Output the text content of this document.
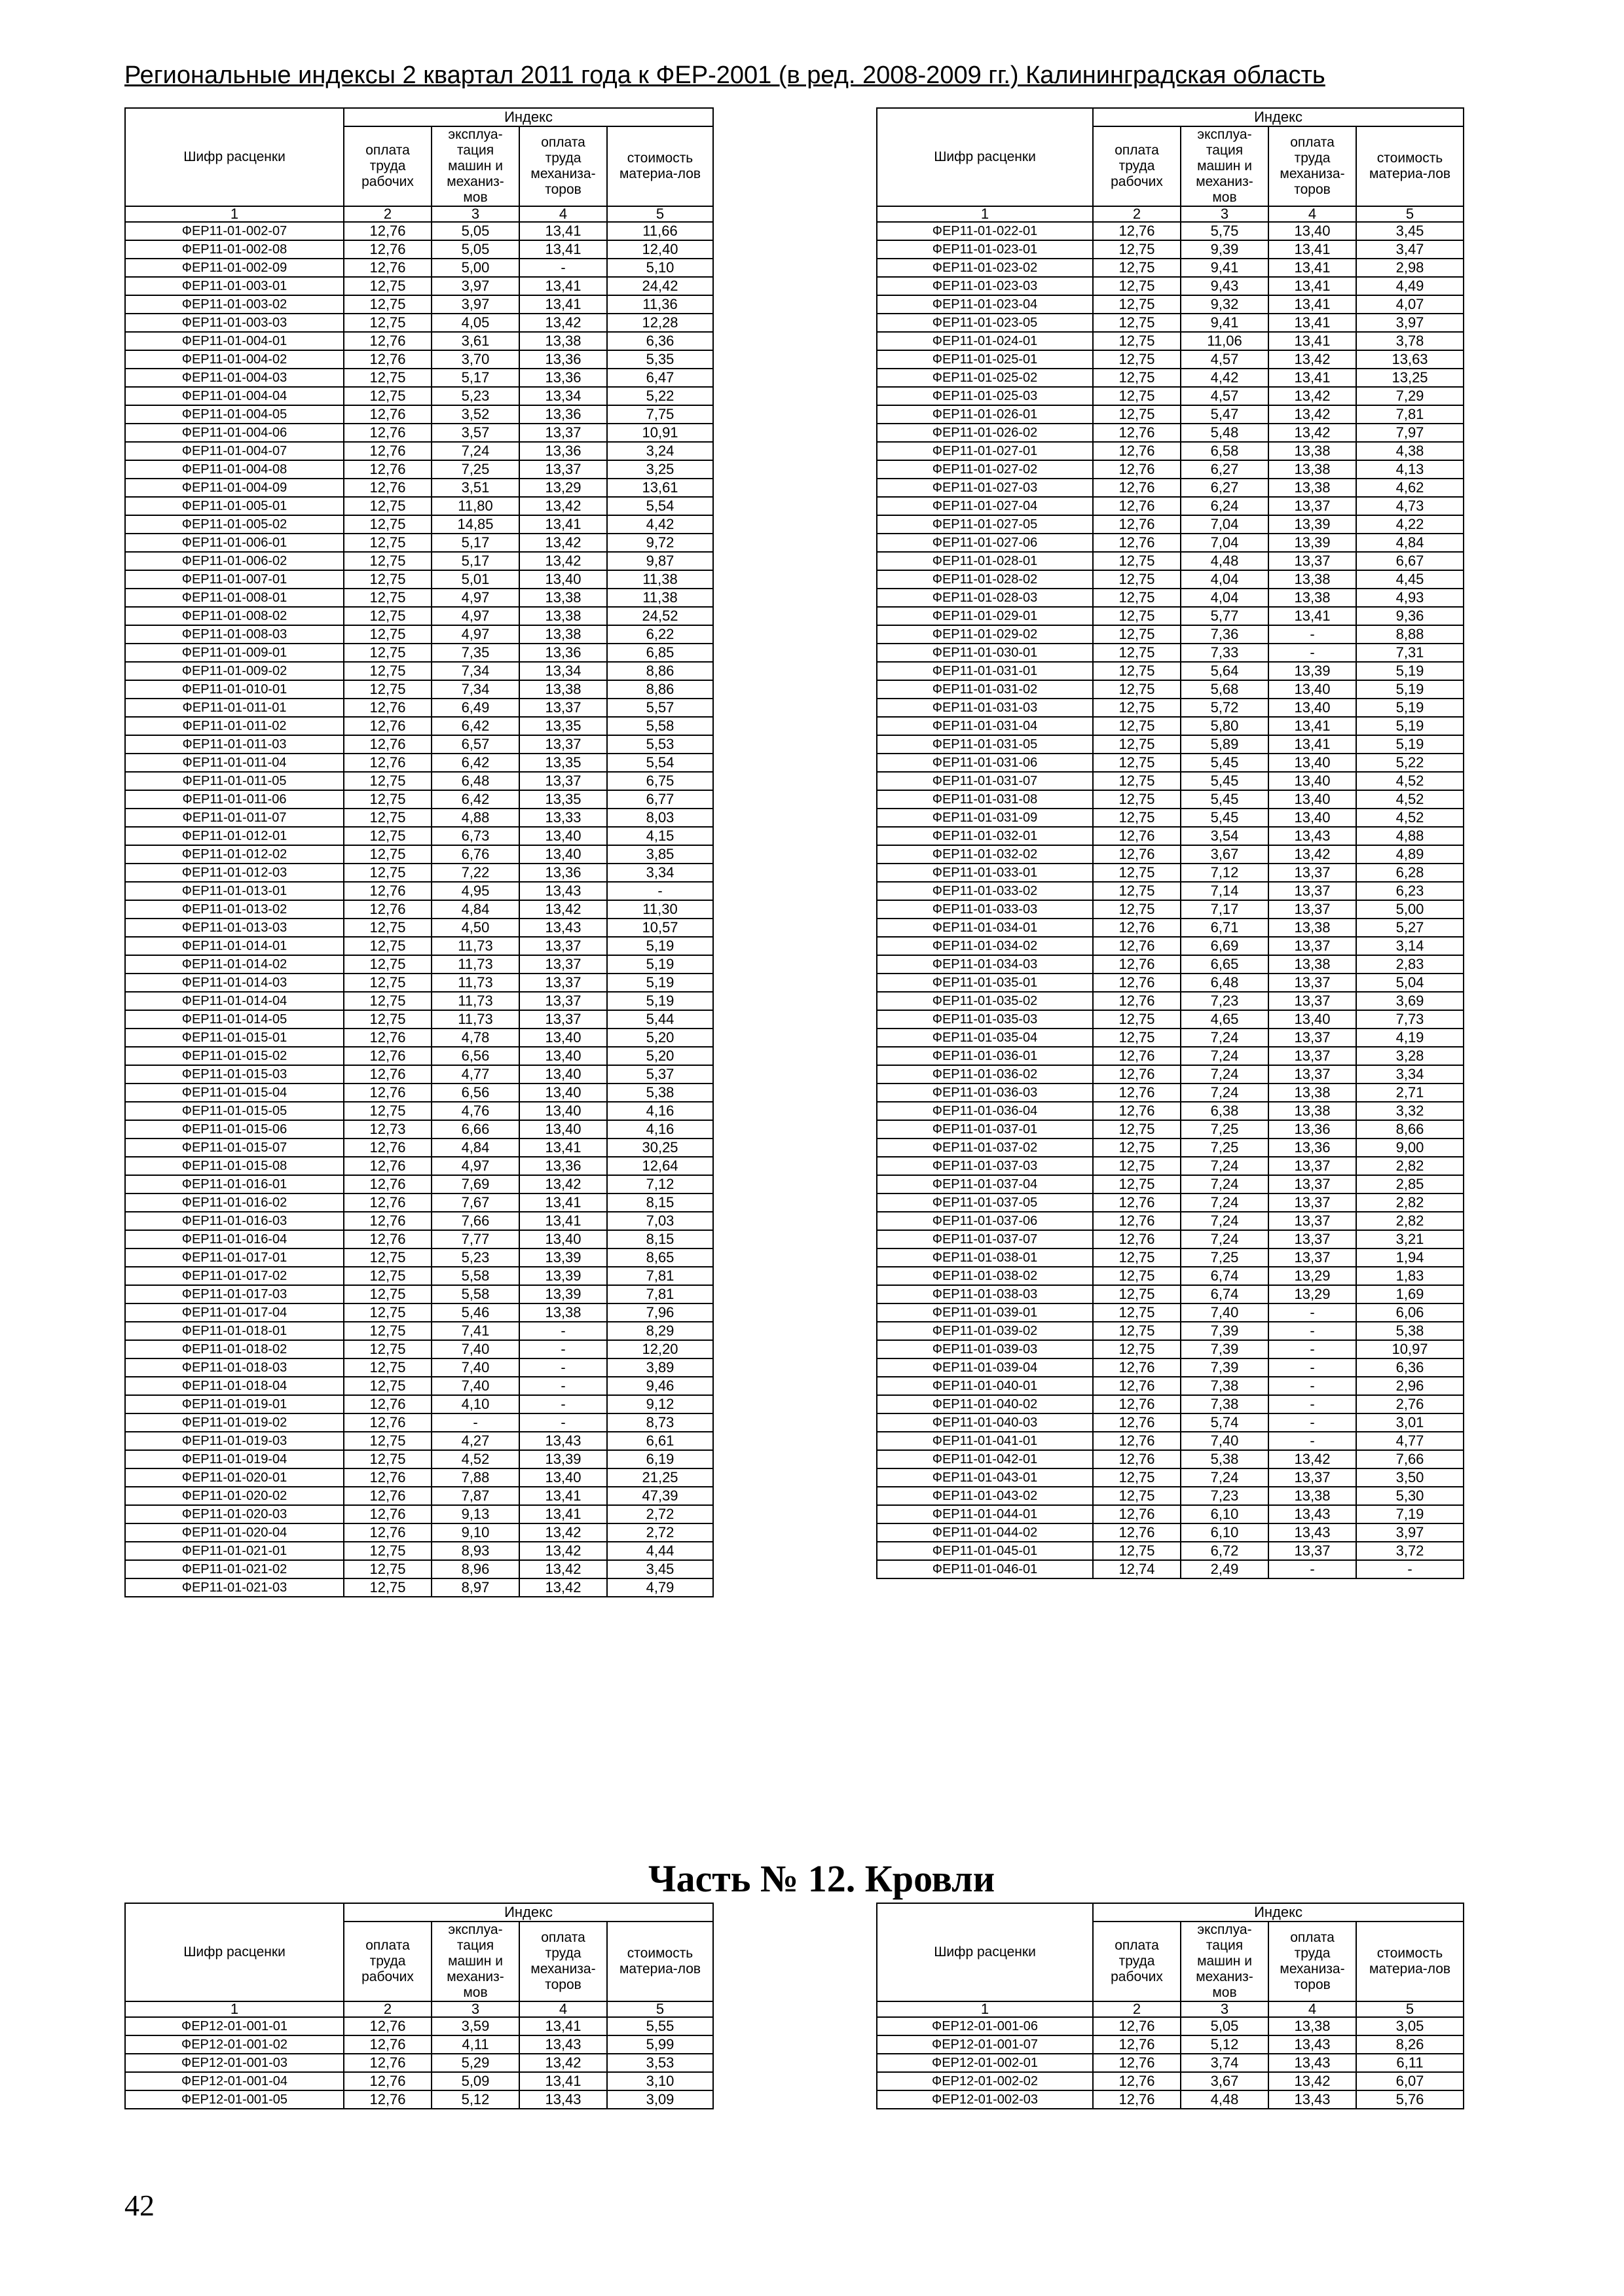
Региональные индексы 2 квартал 2011 года к ФЕР-2001 (в ред. 2008-2009 гг.) Калининградская область
Шифр расценки	Индекс			
	оплата труда рабочих	эксплуа-тация машин и механиз-мов	оплата труда механиза-торов	стоимость материа-лов
1	2	3	4	5
ФЕР11-01-002-07	12,76	5,05	13,41	11,66
ФЕР11-01-002-08	12,76	5,05	13,41	12,40
ФЕР11-01-002-09	12,76	5,00	-	5,10
ФЕР11-01-003-01	12,75	3,97	13,41	24,42
ФЕР11-01-003-02	12,75	3,97	13,41	11,36
ФЕР11-01-003-03	12,75	4,05	13,42	12,28
ФЕР11-01-004-01	12,76	3,61	13,38	6,36
ФЕР11-01-004-02	12,76	3,70	13,36	5,35
ФЕР11-01-004-03	12,75	5,17	13,36	6,47
ФЕР11-01-004-04	12,75	5,23	13,34	5,22
ФЕР11-01-004-05	12,76	3,52	13,36	7,75
ФЕР11-01-004-06	12,76	3,57	13,37	10,91
ФЕР11-01-004-07	12,76	7,24	13,36	3,24
ФЕР11-01-004-08	12,76	7,25	13,37	3,25
ФЕР11-01-004-09	12,76	3,51	13,29	13,61
ФЕР11-01-005-01	12,75	11,80	13,42	5,54
ФЕР11-01-005-02	12,75	14,85	13,41	4,42
ФЕР11-01-006-01	12,75	5,17	13,42	9,72
ФЕР11-01-006-02	12,75	5,17	13,42	9,87
ФЕР11-01-007-01	12,75	5,01	13,40	11,38
ФЕР11-01-008-01	12,75	4,97	13,38	11,38
ФЕР11-01-008-02	12,75	4,97	13,38	24,52
ФЕР11-01-008-03	12,75	4,97	13,38	6,22
ФЕР11-01-009-01	12,75	7,35	13,36	6,85
ФЕР11-01-009-02	12,75	7,34	13,34	8,86
ФЕР11-01-010-01	12,75	7,34	13,38	8,86
ФЕР11-01-011-01	12,76	6,49	13,37	5,57
ФЕР11-01-011-02	12,76	6,42	13,35	5,58
ФЕР11-01-011-03	12,76	6,57	13,37	5,53
ФЕР11-01-011-04	12,76	6,42	13,35	5,54
ФЕР11-01-011-05	12,75	6,48	13,37	6,75
ФЕР11-01-011-06	12,75	6,42	13,35	6,77
ФЕР11-01-011-07	12,75	4,88	13,33	8,03
ФЕР11-01-012-01	12,75	6,73	13,40	4,15
ФЕР11-01-012-02	12,75	6,76	13,40	3,85
ФЕР11-01-012-03	12,75	7,22	13,36	3,34
ФЕР11-01-013-01	12,76	4,95	13,43	-
ФЕР11-01-013-02	12,76	4,84	13,42	11,30
ФЕР11-01-013-03	12,75	4,50	13,43	10,57
ФЕР11-01-014-01	12,75	11,73	13,37	5,19
ФЕР11-01-014-02	12,75	11,73	13,37	5,19
ФЕР11-01-014-03	12,75	11,73	13,37	5,19
ФЕР11-01-014-04	12,75	11,73	13,37	5,19
ФЕР11-01-014-05	12,75	11,73	13,37	5,44
ФЕР11-01-015-01	12,76	4,78	13,40	5,20
ФЕР11-01-015-02	12,76	6,56	13,40	5,20
ФЕР11-01-015-03	12,76	4,77	13,40	5,37
ФЕР11-01-015-04	12,76	6,56	13,40	5,38
ФЕР11-01-015-05	12,75	4,76	13,40	4,16
ФЕР11-01-015-06	12,73	6,66	13,40	4,16
ФЕР11-01-015-07	12,76	4,84	13,41	30,25
ФЕР11-01-015-08	12,76	4,97	13,36	12,64
ФЕР11-01-016-01	12,76	7,69	13,42	7,12
ФЕР11-01-016-02	12,76	7,67	13,41	8,15
ФЕР11-01-016-03	12,76	7,66	13,41	7,03
ФЕР11-01-016-04	12,76	7,77	13,40	8,15
ФЕР11-01-017-01	12,75	5,23	13,39	8,65
ФЕР11-01-017-02	12,75	5,58	13,39	7,81
ФЕР11-01-017-03	12,75	5,58	13,39	7,81
ФЕР11-01-017-04	12,75	5,46	13,38	7,96
ФЕР11-01-018-01	12,75	7,41	-	8,29
ФЕР11-01-018-02	12,75	7,40	-	12,20
ФЕР11-01-018-03	12,75	7,40	-	3,89
ФЕР11-01-018-04	12,75	7,40	-	9,46
ФЕР11-01-019-01	12,76	4,10	-	9,12
ФЕР11-01-019-02	12,76	-	-	8,73
ФЕР11-01-019-03	12,75	4,27	13,43	6,61
ФЕР11-01-019-04	12,75	4,52	13,39	6,19
ФЕР11-01-020-01	12,76	7,88	13,40	21,25
ФЕР11-01-020-02	12,76	7,87	13,41	47,39
ФЕР11-01-020-03	12,76	9,13	13,41	2,72
ФЕР11-01-020-04	12,76	9,10	13,42	2,72
ФЕР11-01-021-01	12,75	8,93	13,42	4,44
ФЕР11-01-021-02	12,75	8,96	13,42	3,45
ФЕР11-01-021-03	12,75	8,97	13,42	4,79
Шифр расценки	Индекс			
	оплата труда рабочих	эксплуа-тация машин и механиз-мов	оплата труда механиза-торов	стоимость материа-лов
1	2	3	4	5
ФЕР11-01-022-01	12,76	5,75	13,40	3,45
ФЕР11-01-023-01	12,75	9,39	13,41	3,47
ФЕР11-01-023-02	12,75	9,41	13,41	2,98
ФЕР11-01-023-03	12,75	9,43	13,41	4,49
ФЕР11-01-023-04	12,75	9,32	13,41	4,07
ФЕР11-01-023-05	12,75	9,41	13,41	3,97
ФЕР11-01-024-01	12,75	11,06	13,41	3,78
ФЕР11-01-025-01	12,75	4,57	13,42	13,63
ФЕР11-01-025-02	12,75	4,42	13,41	13,25
ФЕР11-01-025-03	12,75	4,57	13,42	7,29
ФЕР11-01-026-01	12,75	5,47	13,42	7,81
ФЕР11-01-026-02	12,76	5,48	13,42	7,97
ФЕР11-01-027-01	12,76	6,58	13,38	4,38
ФЕР11-01-027-02	12,76	6,27	13,38	4,13
ФЕР11-01-027-03	12,76	6,27	13,38	4,62
ФЕР11-01-027-04	12,76	6,24	13,37	4,73
ФЕР11-01-027-05	12,76	7,04	13,39	4,22
ФЕР11-01-027-06	12,76	7,04	13,39	4,84
ФЕР11-01-028-01	12,75	4,48	13,37	6,67
ФЕР11-01-028-02	12,75	4,04	13,38	4,45
ФЕР11-01-028-03	12,75	4,04	13,38	4,93
ФЕР11-01-029-01	12,75	5,77	13,41	9,36
ФЕР11-01-029-02	12,75	7,36	-	8,88
ФЕР11-01-030-01	12,75	7,33	-	7,31
ФЕР11-01-031-01	12,75	5,64	13,39	5,19
ФЕР11-01-031-02	12,75	5,68	13,40	5,19
ФЕР11-01-031-03	12,75	5,72	13,40	5,19
ФЕР11-01-031-04	12,75	5,80	13,41	5,19
ФЕР11-01-031-05	12,75	5,89	13,41	5,19
ФЕР11-01-031-06	12,75	5,45	13,40	5,22
ФЕР11-01-031-07	12,75	5,45	13,40	4,52
ФЕР11-01-031-08	12,75	5,45	13,40	4,52
ФЕР11-01-031-09	12,75	5,45	13,40	4,52
ФЕР11-01-032-01	12,76	3,54	13,43	4,88
ФЕР11-01-032-02	12,76	3,67	13,42	4,89
ФЕР11-01-033-01	12,75	7,12	13,37	6,28
ФЕР11-01-033-02	12,75	7,14	13,37	6,23
ФЕР11-01-033-03	12,75	7,17	13,37	5,00
ФЕР11-01-034-01	12,76	6,71	13,38	5,27
ФЕР11-01-034-02	12,76	6,69	13,37	3,14
ФЕР11-01-034-03	12,76	6,65	13,38	2,83
ФЕР11-01-035-01	12,76	6,48	13,37	5,04
ФЕР11-01-035-02	12,76	7,23	13,37	3,69
ФЕР11-01-035-03	12,75	4,65	13,40	7,73
ФЕР11-01-035-04	12,75	7,24	13,37	4,19
ФЕР11-01-036-01	12,76	7,24	13,37	3,28
ФЕР11-01-036-02	12,76	7,24	13,37	3,34
ФЕР11-01-036-03	12,76	7,24	13,38	2,71
ФЕР11-01-036-04	12,76	6,38	13,38	3,32
ФЕР11-01-037-01	12,75	7,25	13,36	8,66
ФЕР11-01-037-02	12,75	7,25	13,36	9,00
ФЕР11-01-037-03	12,75	7,24	13,37	2,82
ФЕР11-01-037-04	12,75	7,24	13,37	2,85
ФЕР11-01-037-05	12,76	7,24	13,37	2,82
ФЕР11-01-037-06	12,76	7,24	13,37	2,82
ФЕР11-01-037-07	12,76	7,24	13,37	3,21
ФЕР11-01-038-01	12,75	7,25	13,37	1,94
ФЕР11-01-038-02	12,75	6,74	13,29	1,83
ФЕР11-01-038-03	12,75	6,74	13,29	1,69
ФЕР11-01-039-01	12,75	7,40	-	6,06
ФЕР11-01-039-02	12,75	7,39	-	5,38
ФЕР11-01-039-03	12,75	7,39	-	10,97
ФЕР11-01-039-04	12,76	7,39	-	6,36
ФЕР11-01-040-01	12,76	7,38	-	2,96
ФЕР11-01-040-02	12,76	7,38	-	2,76
ФЕР11-01-040-03	12,76	5,74	-	3,01
ФЕР11-01-041-01	12,76	7,40	-	4,77
ФЕР11-01-042-01	12,76	5,38	13,42	7,66
ФЕР11-01-043-01	12,75	7,24	13,37	3,50
ФЕР11-01-043-02	12,75	7,23	13,38	5,30
ФЕР11-01-044-01	12,76	6,10	13,43	7,19
ФЕР11-01-044-02	12,76	6,10	13,43	3,97
ФЕР11-01-045-01	12,75	6,72	13,37	3,72
ФЕР11-01-046-01	12,74	2,49	-	-
Часть № 12. Кровли
Шифр расценки	Индекс			
	оплата труда рабочих	эксплуа-тация машин и механиз-мов	оплата труда механиза-торов	стоимость материа-лов
1	2	3	4	5
ФЕР12-01-001-01	12,76	3,59	13,41	5,55
ФЕР12-01-001-02	12,76	4,11	13,43	5,99
ФЕР12-01-001-03	12,76	5,29	13,42	3,53
ФЕР12-01-001-04	12,76	5,09	13,41	3,10
ФЕР12-01-001-05	12,76	5,12	13,43	3,09
Шифр расценки	Индекс			
	оплата труда рабочих	эксплуа-тация машин и механиз-мов	оплата труда механиза-торов	стоимость материа-лов
1	2	3	4	5
ФЕР12-01-001-06	12,76	5,05	13,38	3,05
ФЕР12-01-001-07	12,76	5,12	13,43	8,26
ФЕР12-01-002-01	12,76	3,74	13,43	6,11
ФЕР12-01-002-02	12,76	3,67	13,42	6,07
ФЕР12-01-002-03	12,76	4,48	13,43	5,76
42
